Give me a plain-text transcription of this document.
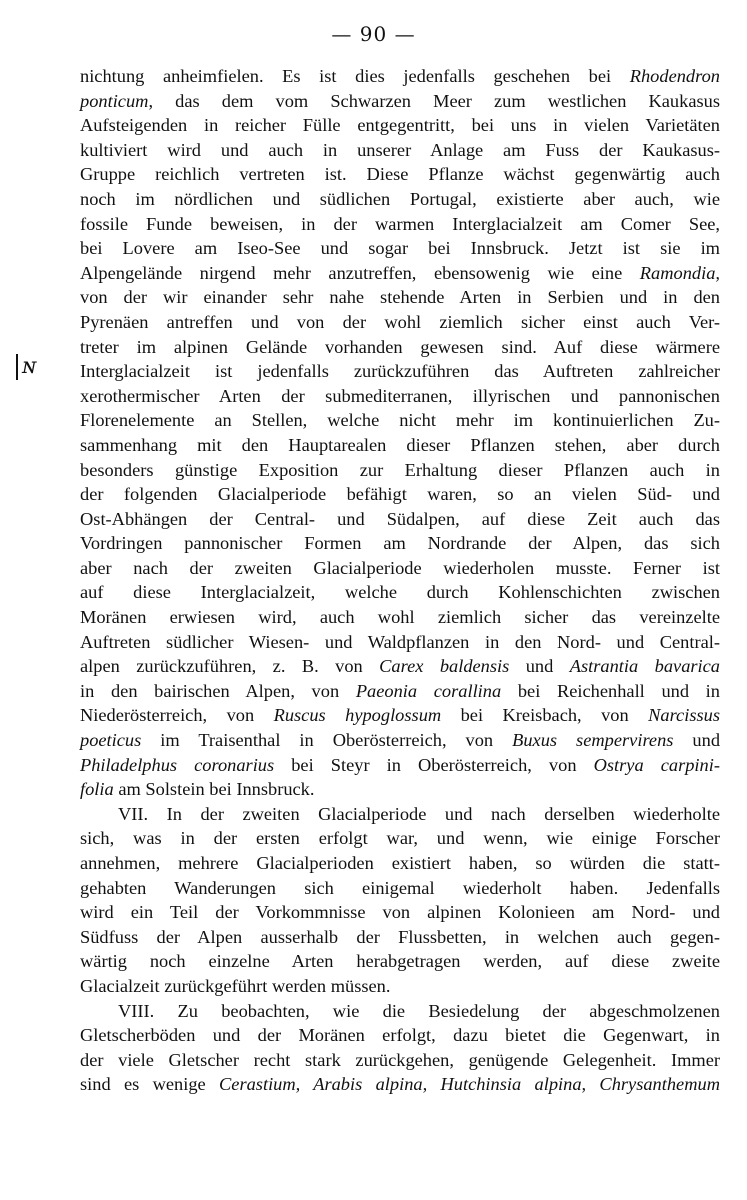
— 90 —
ɴ
nichtung anheimfielen. Es ist dies jedenfalls geschehen bei Rhodendron
ponticum, das dem vom Schwarzen Meer zum westlichen Kaukasus
Aufsteigenden in reicher Fülle entgegentritt, bei uns in vielen Varietäten
kultiviert wird und auch in unserer Anlage am Fuss der Kaukasus-
Gruppe reichlich vertreten ist. Diese Pflanze wächst gegenwärtig auch
noch im nördlichen und südlichen Portugal, existierte aber auch, wie
fossile Funde beweisen, in der warmen Interglacialzeit am Comer See,
bei Lovere am Iseo-See und sogar bei Innsbruck. Jetzt ist sie im
Alpengelände nirgend mehr anzutreffen, ebensowenig wie eine Ramondia,
von der wir einander sehr nahe stehende Arten in Serbien und in den
Pyrenäen antreffen und von der wohl ziemlich sicher einst auch Ver-
treter im alpinen Gelände vorhanden gewesen sind. Auf diese wärmere
Interglacialzeit ist jedenfalls zurückzuführen das Auftreten zahlreicher
xerothermischer Arten der submediterranen, illyrischen und pannonischen
Florenelemente an Stellen, welche nicht mehr im kontinuierlichen Zu-
sammenhang mit den Hauptarealen dieser Pflanzen stehen, aber durch
besonders günstige Exposition zur Erhaltung dieser Pflanzen auch in
der folgenden Glacialperiode befähigt waren, so an vielen Süd- und
Ost-Abhängen der Central- und Südalpen, auf diese Zeit auch das
Vordringen pannonischer Formen am Nordrande der Alpen, das sich
aber nach der zweiten Glacialperiode wiederholen musste. Ferner ist
auf diese Interglacialzeit, welche durch Kohlenschichten zwischen
Moränen erwiesen wird, auch wohl ziemlich sicher das vereinzelte
Auftreten südlicher Wiesen- und Waldpflanzen in den Nord- und Central-
alpen zurückzuführen, z. B. von Carex baldensis und Astrantia bavarica
in den bairischen Alpen, von Paeonia corallina bei Reichenhall und in
Niederösterreich, von Ruscus hypoglossum bei Kreisbach, von Narcissus
poeticus im Traisenthal in Oberösterreich, von Buxus sempervirens und
Philadelphus coronarius bei Steyr in Oberösterreich, von Ostrya carpini-
folia am Solstein bei Innsbruck.
VII. In der zweiten Glacialperiode und nach derselben wiederholte
sich, was in der ersten erfolgt war, und wenn, wie einige Forscher
annehmen, mehrere Glacialperioden existiert haben, so würden die statt-
gehabten Wanderungen sich einigemal wiederholt haben. Jedenfalls
wird ein Teil der Vorkommnisse von alpinen Kolonieen am Nord- und
Südfuss der Alpen ausserhalb der Flussbetten, in welchen auch gegen-
wärtig noch einzelne Arten herabgetragen werden, auf diese zweite
Glacialzeit zurückgeführt werden müssen.
VIII. Zu beobachten, wie die Besiedelung der abgeschmolzenen
Gletscherböden und der Moränen erfolgt, dazu bietet die Gegenwart, in
der viele Gletscher recht stark zurückgehen, genügende Gelegenheit. Immer
sind es wenige Cerastium, Arabis alpina, Hutchinsia alpina, Chrysanthemum
